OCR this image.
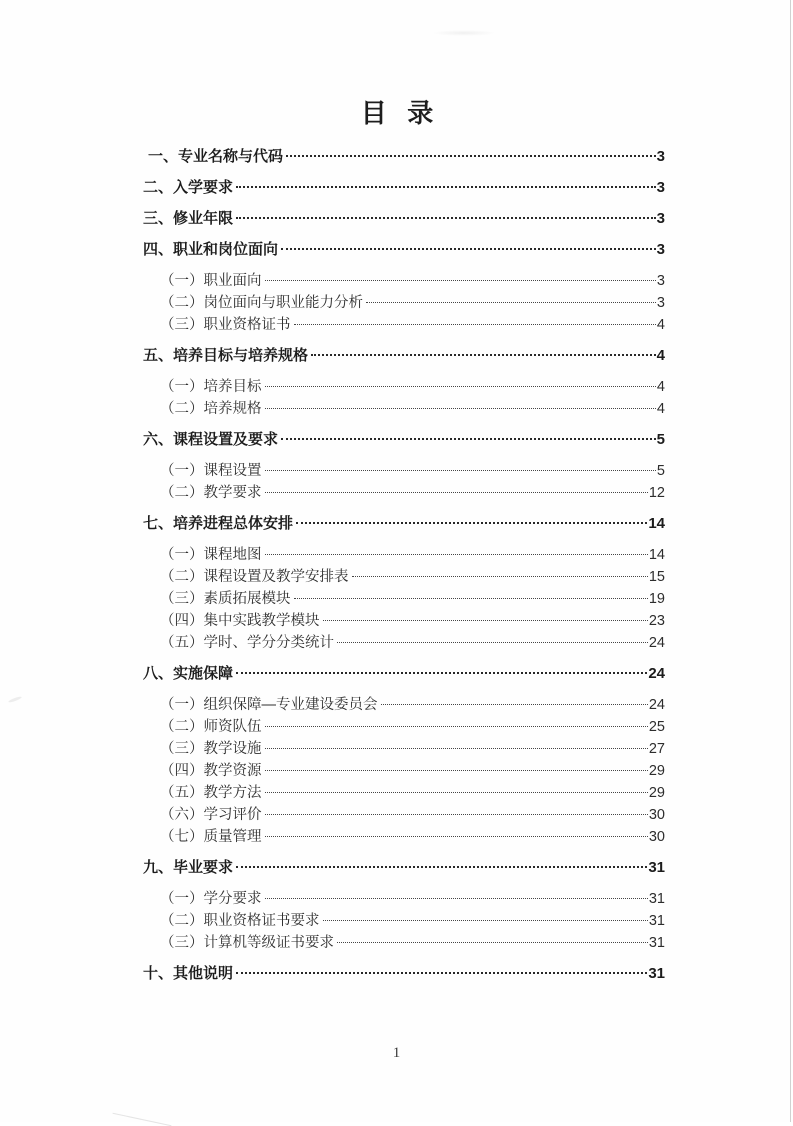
目  录
一、专业名称与代码	3
二、入学要求	3
三、修业年限	3
四、职业和岗位面向	3
（一）职业面向	3
（二）岗位面向与职业能力分析	3
（三）职业资格证书	4
五、培养目标与培养规格	4
（一）培养目标	4
（二）培养规格	4
六、课程设置及要求	5
（一）课程设置	5
（二）教学要求	12
七、培养进程总体安排	14
（一）课程地图	14
（二）课程设置及教学安排表	15
（三）素质拓展模块	19
（四）集中实践教学模块	23
（五）学时、学分分类统计	24
八、实施保障	24
（一）组织保障—专业建设委员会	24
（二）师资队伍	25
（三）教学设施	27
（四）教学资源	29
（五）教学方法	29
（六）学习评价	30
（七）质量管理	30
九、毕业要求	31
（一）学分要求	31
（二）职业资格证书要求	31
（三）计算机等级证书要求	31
十、其他说明	31
1
